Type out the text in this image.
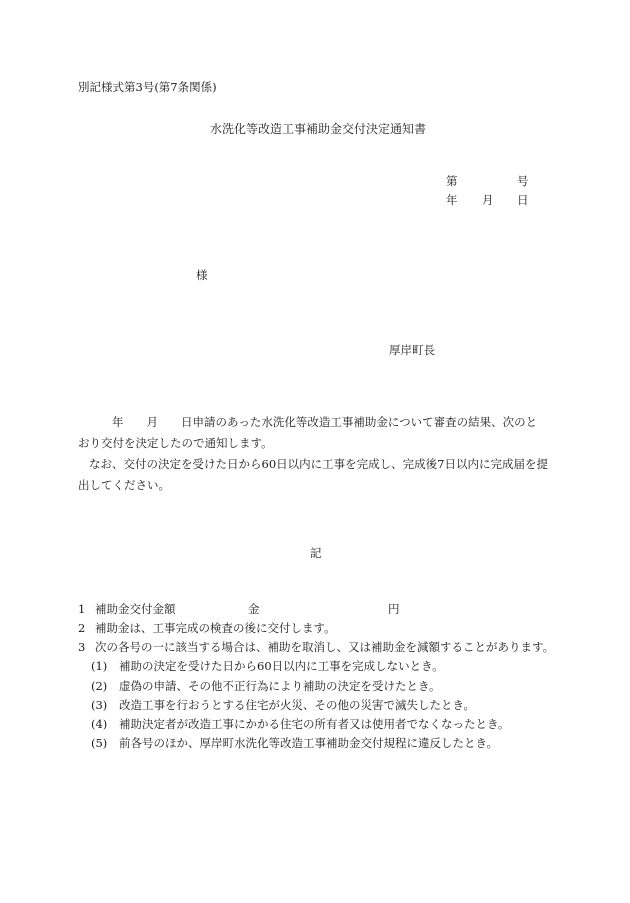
別記様式第3号(第7条関係)
水洗化等改造工事補助金交付決定通知書
第	号
年 月 日
様
厚岸町長
年　　月　　日申請のあった水洗化等改造工事補助金について審査の結果、次のと
おり交付を決定したので通知します。
なお、交付の決定を受けた日から60日以内に工事を完成し、完成後7日以内に完成届を提
出してください。
記
1 補助金交付金額	金	円
2 補助金は、工事完成の検査の後に交付します。
3 次の各号の一に該当する場合は、補助を取消し、又は補助金を減額することがあります。
(1) 補助の決定を受けた日から60日以内に工事を完成しないとき。
(2) 虚偽の申請、その他不正行為により補助の決定を受けたとき。
(3) 改造工事を行おうとする住宅が火災、その他の災害で滅失したとき。
(4) 補助決定者が改造工事にかかる住宅の所有者又は使用者でなくなったとき。
(5) 前各号のほか、厚岸町水洗化等改造工事補助金交付規程に違反したとき。
